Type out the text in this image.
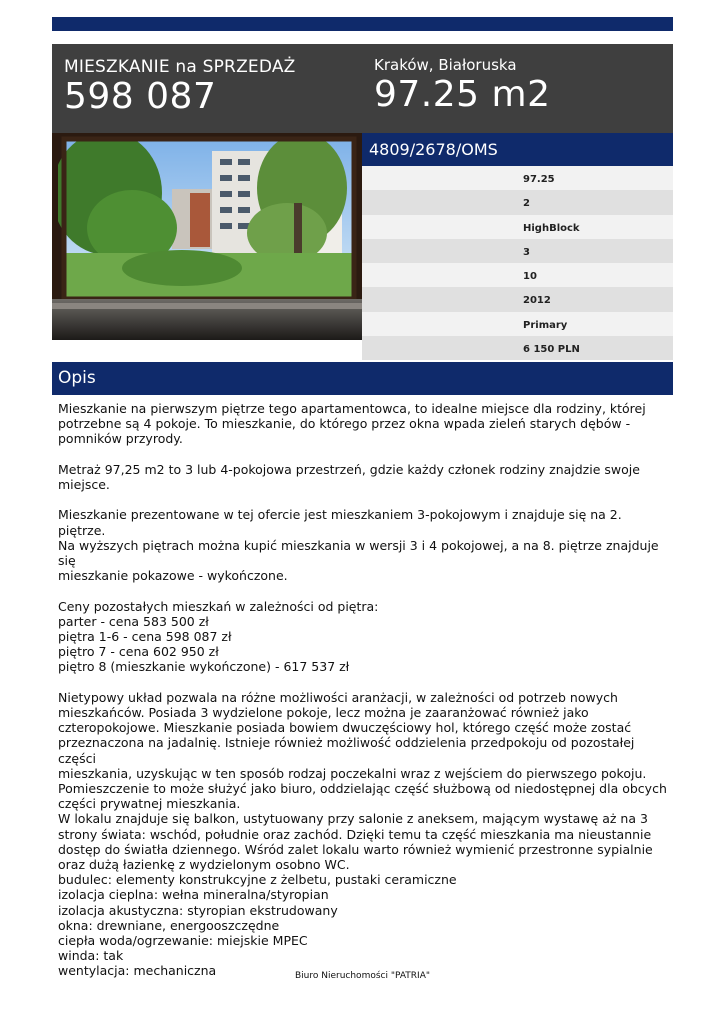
MIESZKANIE na SPRZEDAŻ
598 087
Kraków, Białoruska
97.25 m2
4809/2678/OMS
97.25
2
HighBlock
3
10
2012
Primary
6 150 PLN
Opis

Mieszkanie na pierwszym piętrze tego apartamentowca, to idealne miejsce dla rodziny, której

potrzebne są 4 pokoje. To mieszkanie, do którego przez okna wpada zieleń starych dębów -

pomników przyrody.

Metraż 97,25 m2 to 3 lub 4-pokojowa przestrzeń, gdzie każdy członek rodziny znajdzie swoje

miejsce.

Mieszkanie prezentowane w tej ofercie jest mieszkaniem 3-pokojowym i znajduje się na 2. piętrze.

Na wyższych piętrach można kupić mieszkania w wersji 3 i 4 pokojowej, a na 8. piętrze znajduje się

mieszkanie pokazowe - wykończone.

Ceny pozostałych mieszkań w zależności od piętra:

parter - cena 583 500 zł

piętra 1-6 - cena 598 087 zł

piętro 7 - cena 602 950 zł

piętro 8 (mieszkanie wykończone) - 617 537 zł

Nietypowy układ pozwala na różne możliwości aranżacji, w zależności od potrzeb nowych

mieszkańców. Posiada 3 wydzielone pokoje, lecz można je zaaranżować również jako

czteropokojowe. Mieszkanie posiada bowiem dwuczęściowy hol, którego część może zostać

przeznaczona na jadalnię. Istnieje również możliwość oddzielenia przedpokoju od pozostałej części

mieszkania, uzyskując w ten sposób rodzaj poczekalni wraz z wejściem do pierwszego pokoju.

Pomieszczenie to może służyć jako biuro, oddzielając część służbową od niedostępnej dla obcych

części prywatnej mieszkania.

W lokalu znajduje się balkon, ustytuowany przy salonie z aneksem, mającym wystawę aż na 3

strony świata: wschód, południe oraz zachód. Dzięki temu ta część mieszkania ma nieustannie

dostęp do światła dziennego. Wśród zalet lokalu warto również wymienić przestronne sypialnie

oraz dużą łazienkę z wydzielonym osobno WC.

budulec: elementy konstrukcyjne z żelbetu, pustaki ceramiczne

izolacja cieplna: wełna mineralna/styropian

izolacja akustyczna: styropian ekstrudowany

okna: drewniane, energooszczędne

ciepła woda/ogrzewanie: miejskie MPEC

winda: tak

wentylacja: mechaniczna	Biuro Nieruchomości "PATRIA"
